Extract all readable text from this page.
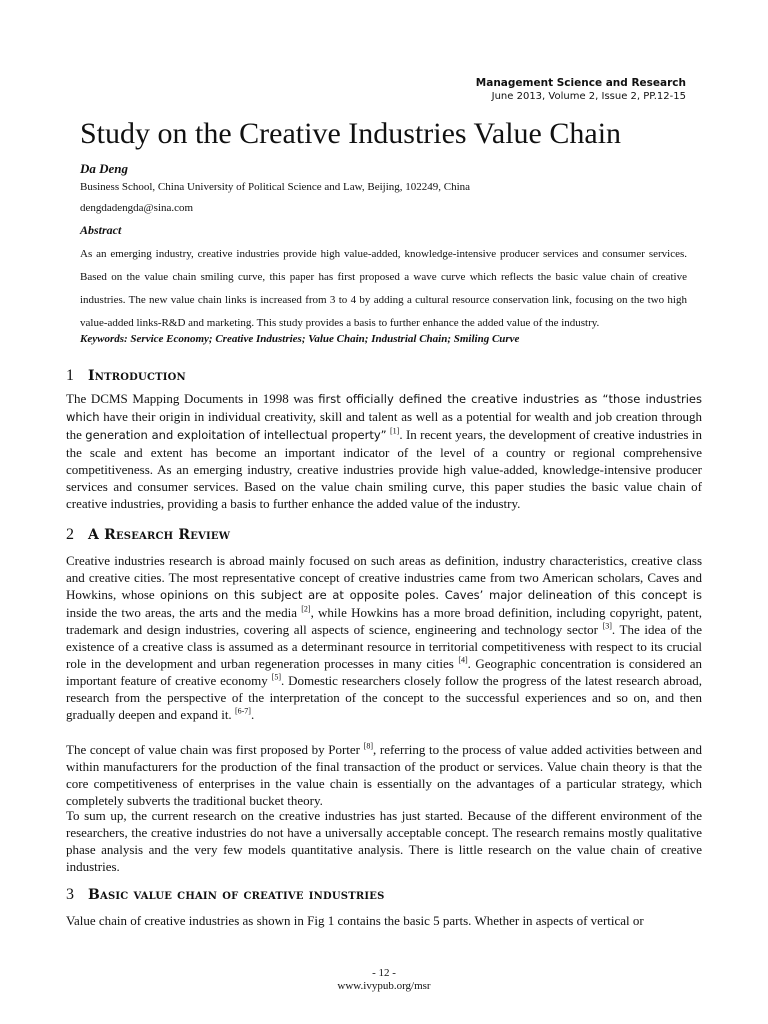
Management Science and Research
June 2013, Volume 2, Issue 2, PP.12-15
Study on the Creative Industries Value Chain
Da Deng
Business School, China University of Political Science and Law, Beijing, 102249, China
dengdadengda@sina.com
Abstract

As an emerging industry, creative industries provide high value-added, knowledge-intensive producer services and consumer services. Based on the value chain smiling curve, this paper has first proposed a wave curve which reflects the basic value chain of creative industries. The new value chain links is increased from 3 to 4 by adding a cultural resource conservation link, focusing on the two high value-added links-R&D and marketing. This study provides a basis to further enhance the added value of the industry.

Keywords: Service Economy; Creative Industries; Value Chain; Industrial Chain; Smiling Curve
1 Introduction

The DCMS Mapping Documents in 1998 was first officially defined the creative industries as “those industries which have their origin in individual creativity, skill and talent as well as a potential for wealth and job creation through the generation and exploitation of intellectual property” [1]. In recent years, the development of creative industries in the scale and extent has become an important indicator of the level of a country or regional comprehensive competitiveness. As an emerging industry, creative industries provide high value-added, knowledge-intensive producer services and consumer services. Based on the value chain smiling curve, this paper studies the basic value chain of creative industries, providing a basis to further enhance the added value of the industry.

2 A Research Review

Creative industries research is abroad mainly focused on such areas as definition, industry characteristics, creative class and creative cities. The most representative concept of creative industries came from two American scholars, Caves and Howkins, whose opinions on this subject are at opposite poles. Caves’ major delineation of this concept is inside the two areas, the arts and the media [2], while Howkins has a more broad definition, including copyright, patent, trademark and design industries, covering all aspects of science, engineering and technology sector [3]. The idea of the existence of a creative class is assumed as a determinant resource in territorial competitiveness with respect to its crucial role in the development and urban regeneration processes in many cities [4]. Geographic concentration is considered an important feature of creative economy [5]. Domestic researchers closely follow the progress of the latest research abroad, research from the perspective of the interpretation of the concept to the successful experiences and so on, and then gradually deepen and expand it. [6-7].

The concept of value chain was first proposed by Porter [8], referring to the process of value added activities between and within manufacturers for the production of the final transaction of the product or services. Value chain theory is that the core competitiveness of enterprises in the value chain is essentially on the advantages of a particular strategy, which completely subverts the traditional bucket theory.

To sum up, the current research on the creative industries has just started. Because of the different environment of the researchers, the creative industries do not have a universally acceptable concept. The research remains mostly qualitative phase analysis and the very few models quantitative analysis. There is little research on the value chain of creative industries.

3 Basic value chain of creative industries

Value chain of creative industries as shown in Fig 1 contains the basic 5 parts. Whether in aspects of vertical or

- 12 -
www.ivypub.org/msr
